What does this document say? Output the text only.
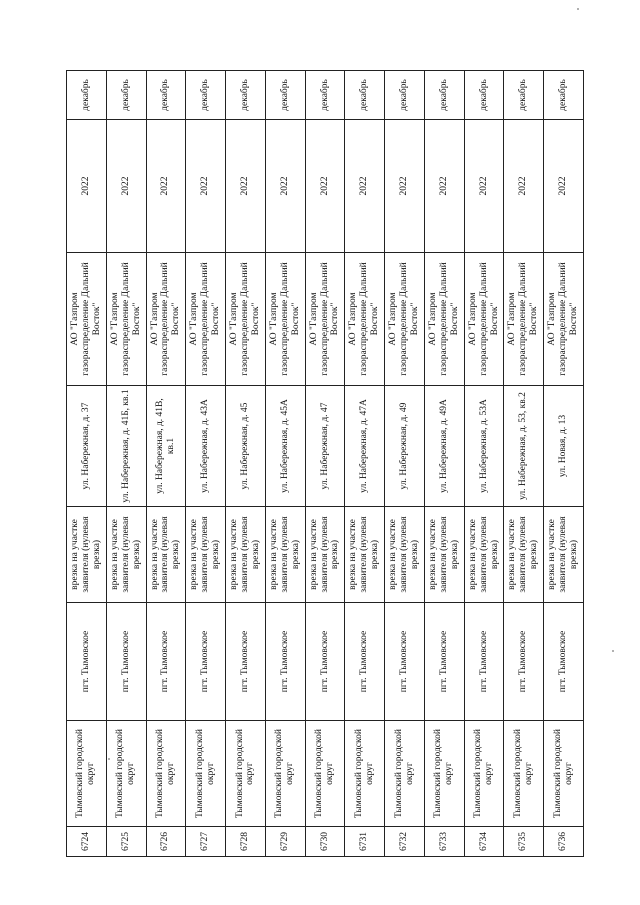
6724	Тымовский городской округ	пгт. Тымовское	врезка на участке заявителя (нулевая врезка)	ул. Набережная, д. 37	АО "Газпром газораспределение Дальний Восток"	2022	декабрь
6725	Тымовский городской округ	пгт. Тымовское	врезка на участке заявителя (нулевая врезка)	ул. Набережная, д. 41Б, кв.1	АО "Газпром газораспределение Дальний Восток"	2022	декабрь
6726	Тымовский городской округ	пгт. Тымовское	врезка на участке заявителя (нулевая врезка)	ул. Набережная, д. 41В, кв.1	АО "Газпром газораспределение Дальний Восток"	2022	декабрь
6727	Тымовский городской округ	пгт. Тымовское	врезка на участке заявителя (нулевая врезка)	ул. Набережная, д. 43А	АО "Газпром газораспределение Дальний Восток"	2022	декабрь
6728	Тымовский городской округ	пгт. Тымовское	врезка на участке заявителя (нулевая врезка)	ул. Набережная, д. 45	АО "Газпром газораспределение Дальний Восток"	2022	декабрь
6729	Тымовский городской округ	пгт. Тымовское	врезка на участке заявителя (нулевая врезка)	ул. Набережная, д. 45А	АО "Газпром газораспределение Дальний Восток"	2022	декабрь
6730	Тымовский городской округ	пгт. Тымовское	врезка на участке заявителя (нулевая врезка)	ул. Набережная, д. 47	АО "Газпром газораспределение Дальний Восток"	2022	декабрь
6731	Тымовский городской округ	пгт. Тымовское	врезка на участке заявителя (нулевая врезка)	ул. Набережная, д. 47А	АО "Газпром газораспределение Дальний Восток"	2022	декабрь
6732	Тымовский городской округ	пгт. Тымовское	врезка на участке заявителя (нулевая врезка)	ул. Набережная, д. 49	АО "Газпром газораспределение Дальний Восток"	2022	декабрь
6733	Тымовский городской округ	пгт. Тымовское	врезка на участке заявителя (нулевая врезка)	ул. Набережная, д. 49А	АО "Газпром газораспределение Дальний Восток"	2022	декабрь
6734	Тымовский городской округ	пгт. Тымовское	врезка на участке заявителя (нулевая врезка)	ул. Набережная, д. 53А	АО "Газпром газораспределение Дальний Восток"	2022	декабрь
6735	Тымовский городской округ	пгт. Тымовское	врезка на участке заявителя (нулевая врезка)	ул. Набережная, д. 53, кв.2	АО "Газпром газораспределение Дальний Восток"	2022	декабрь
6736	Тымовский городской округ	пгт. Тымовское	врезка на участке заявителя (нулевая врезка)	ул. Новая, д. 13	АО "Газпром газораспределение Дальний Восток"	2022	декабрь
